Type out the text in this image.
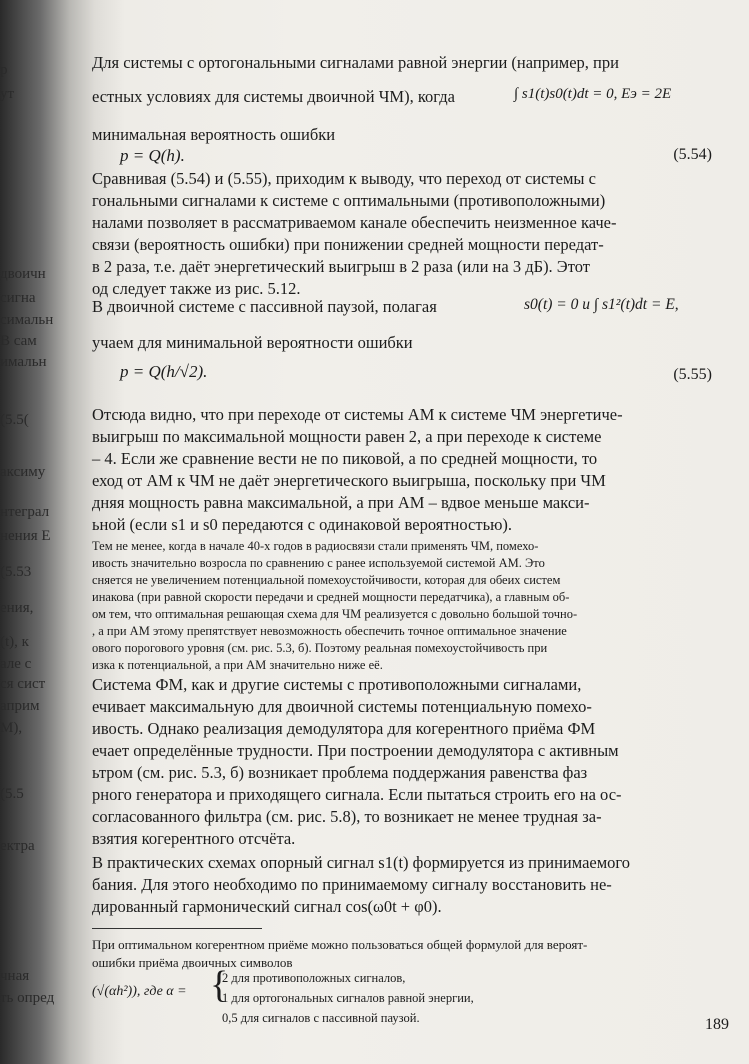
р
ут
двоичн
сигна
симальн
В сам
имальн
(5.5(
аксиму
нтеграл
нения E
(5.53
ения,
(t), к
але с
ся сист
априм
М),
(5.5
ектра
чная
ть опред
Для системы с ортогональными сигналами равной энергии (например, при
естных условиях для системы двоичной ЧМ), когда	∫ s1(t)s0(t)dt = 0, Eэ = 2E
минимальная вероятность ошибки
p = Q(h).	(5.54)
Сравнивая (5.54) и (5.55), приходим к выводу, что переход от системы с
гональными сигналами к системе с оптимальными (противоположными)
налами позволяет в рассматриваемом канале обеспечить неизменное каче-
связи (вероятность ошибки) при понижении средней мощности передат-
в 2 раза, т.е. даёт энергетический выигрыш в 2 раза (или на 3 дБ). Этот
од следует также из рис. 5.12.
В двоичной системе с пассивной паузой, полагая	s0(t) = 0 и ∫ s1²(t)dt = E,
учаем для минимальной вероятности ошибки
p = Q(h/√2).	(5.55)
Отсюда видно, что при переходе от системы АМ к системе ЧМ энергетиче-
выигрыш по максимальной мощности равен 2, а при переходе к системе
– 4. Если же сравнение вести не по пиковой, а по средней мощности, то
еход от АМ к ЧМ не даёт энергетического выигрыша, поскольку при ЧМ
дняя мощность равна максимальной, а при АМ – вдвое меньше макси-
ьной (если s1 и s0 передаются с одинаковой вероятностью).
Тем не менее, когда в начале 40-х годов в радиосвязи стали применять ЧМ, помехо-
ивость значительно возросла по сравнению с ранее используемой системой АМ. Это
сняется не увеличением потенциальной помехоустойчивости, которая для обеих систем
инакова (при равной скорости передачи и средней мощности передатчика), а главным об-
ом тем, что оптимальная решающая схема для ЧМ реализуется с довольно большой точно-
, а при АМ этому препятствует невозможность обеспечить точное оптимальное значение
ового порогового уровня (см. рис. 5.3, б). Поэтому реальная помехоустойчивость при
изка к потенциальной, а при АМ значительно ниже её.
Система ФМ, как и другие системы с противоположными сигналами,
ечивает максимальную для двоичной системы потенциальную помехо-
ивость. Однако реализация демодулятора для когерентного приёма ФМ
ечает определённые трудности. При построении демодулятора с активным
ьтром (см. рис. 5.3, б) возникает проблема поддержания равенства фаз
рного генератора и приходящего сигнала. Если пытаться строить его на ос-
согласованного фильтра (см. рис. 5.8), то возникает не менее трудная за-
взятия когерентного отсчёта.
В практических схемах опорный сигнал s1(t) формируется из принимаемого
бания. Для этого необходимо по принимаемому сигналу восстановить не-
дированный гармонический сигнал cos(ω0t + φ0).
При оптимальном когерентном приёме можно пользоваться общей формулой для вероят-
ошибки приёма двоичных символов
(√(αh²)), где α = {
2 для противоположных сигналов,
1 для ортогональных сигналов равной энергии,
0,5 для сигналов с пассивной паузой.	189
